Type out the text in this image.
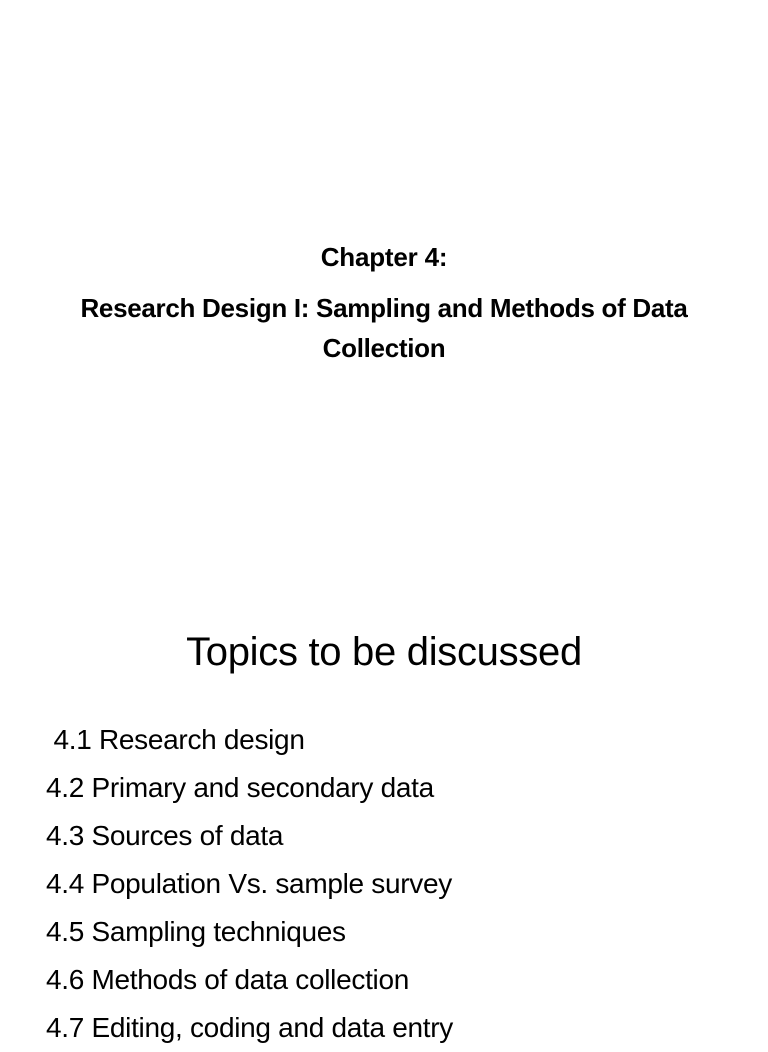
Chapter 4:
Research Design I: Sampling and Methods of Data Collection
Topics to be discussed
4.1 Research design
4.2 Primary and secondary data
4.3 Sources of data
4.4 Population Vs. sample survey
4.5 Sampling techniques
4.6 Methods of data collection
4.7 Editing, coding and data entry
